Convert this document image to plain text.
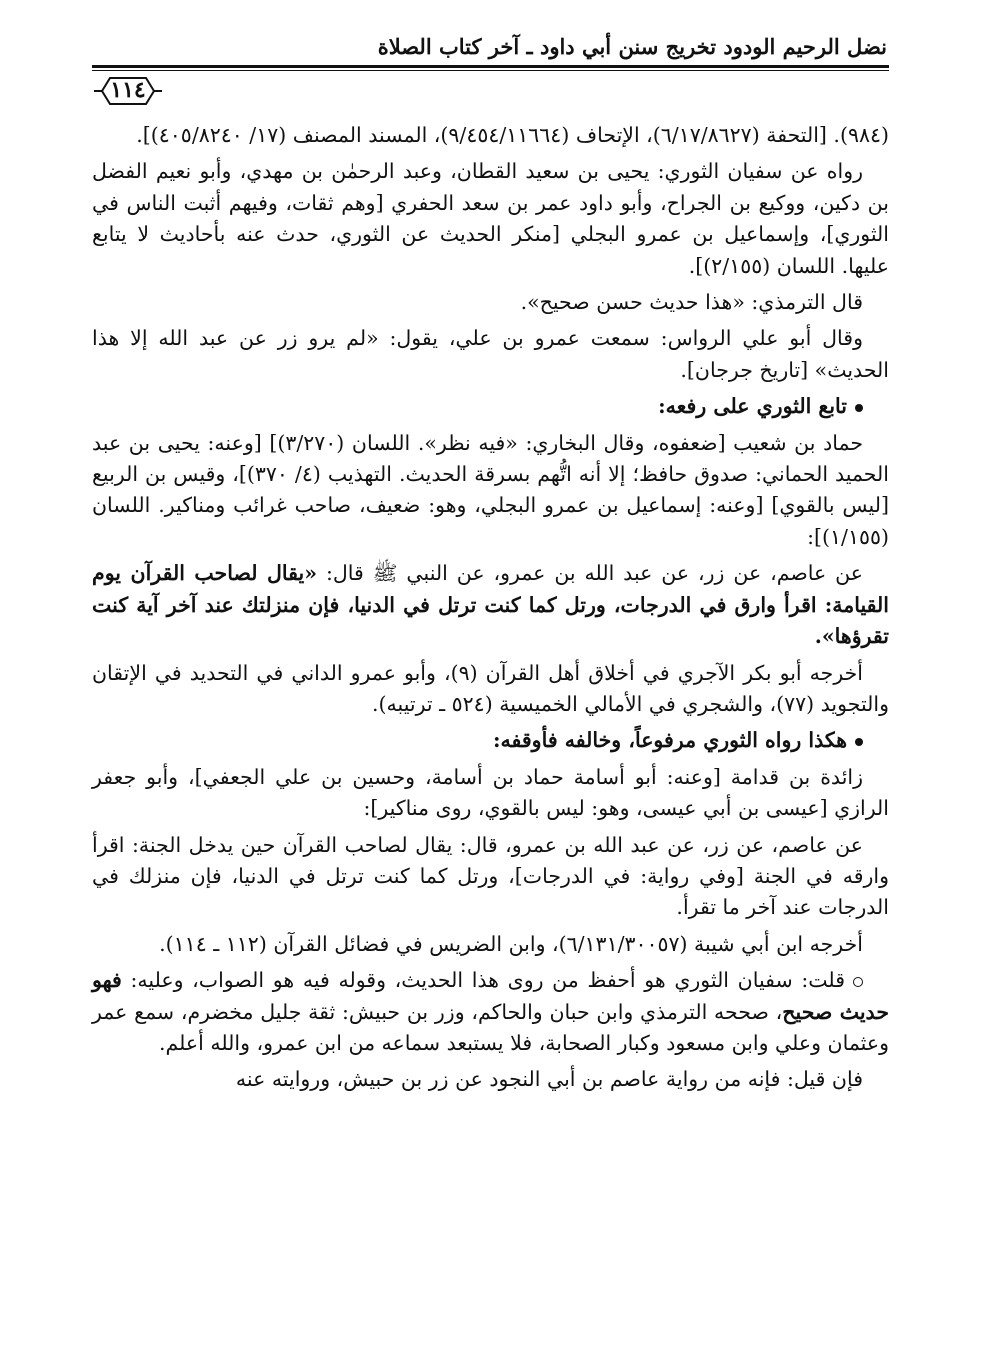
نضل الرحيم الودود تخريج سنن أبي داود ـ آخر كتاب الصلاة
١١٤

(٩٨٤). [التحفة (٦/١٧/٨٦٢٧)، الإتحاف (٩/٤٥٤/١١٦٦٤)، المسند المصنف (١٧/ ٤٠٥/٨٢٤٠)].

رواه عن سفيان الثوري: يحيى بن سعيد القطان، وعبد الرحمٰن بن مهدي، وأبو نعيم الفضل بن دكين، ووكيع بن الجراح، وأبو داود عمر بن سعد الحفري [وهم ثقات، وفيهم أثبت الناس في الثوري]، وإسماعيل بن عمرو البجلي [منكر الحديث عن الثوري، حدث عنه بأحاديث لا يتابع عليها. اللسان (٢/١٥٥)].

قال الترمذي: «هذا حديث حسن صحيح».

وقال أبو علي الرواس: سمعت عمرو بن علي، يقول: «لم يرو زر عن عبد الله إلا هذا الحديث» [تاريخ جرجان].

تابع الثوري على رفعه:

حماد بن شعيب [ضعفوه، وقال البخاري: «فيه نظر». اللسان (٣/٢٧٠)] [وعنه: يحيى بن عبد الحميد الحماني: صدوق حافظ؛ إلا أنه اتُّهم بسرقة الحديث. التهذيب (٤/ ٣٧٠)]، وقيس بن الربيع [ليس بالقوي] [وعنه: إسماعيل بن عمرو البجلي، وهو: ضعيف، صاحب غرائب ومناكير. اللسان (١/١٥٥)]:

عن عاصم، عن زر، عن عبد الله بن عمرو، عن النبي ﷺ قال: «يقال لصاحب القرآن يوم القيامة: اقرأ وارق في الدرجات، ورتل كما كنت ترتل في الدنيا، فإن منزلتك عند آخر آية كنت تقرؤها».

أخرجه أبو بكر الآجري في أخلاق أهل القرآن (٩)، وأبو عمرو الداني في التحديد في الإتقان والتجويد (٧٧)، والشجري في الأمالي الخميسية (٥٢٤ ـ ترتيبه).

هكذا رواه الثوري مرفوعاً، وخالفه فأوقفه:

زائدة بن قدامة [وعنه: أبو أسامة حماد بن أسامة، وحسين بن علي الجعفي]، وأبو جعفر الرازي [عيسى بن أبي عيسى، وهو: ليس بالقوي، روى مناكير]:

عن عاصم، عن زر، عن عبد الله بن عمرو، قال: يقال لصاحب القرآن حين يدخل الجنة: اقرأ وارقه في الجنة [وفي رواية: في الدرجات]، ورتل كما كنت ترتل في الدنيا، فإن منزلك في الدرجات عند آخر ما تقرأ.

أخرجه ابن أبي شيبة (٦/١٣١/٣٠٠٥٧)، وابن الضريس في فضائل القرآن (١١٢ ـ ١١٤).

قلت: سفيان الثوري هو أحفظ من روى هذا الحديث، وقوله فيه هو الصواب، وعليه: فهو حديث صحيح، صححه الترمذي وابن حبان والحاكم، وزر بن حبيش: ثقة جليل مخضرم، سمع عمر وعثمان وعلي وابن مسعود وكبار الصحابة، فلا يستبعد سماعه من ابن عمرو، والله أعلم.

فإن قيل: فإنه من رواية عاصم بن أبي النجود عن زر بن حبيش، وروايته عنه
